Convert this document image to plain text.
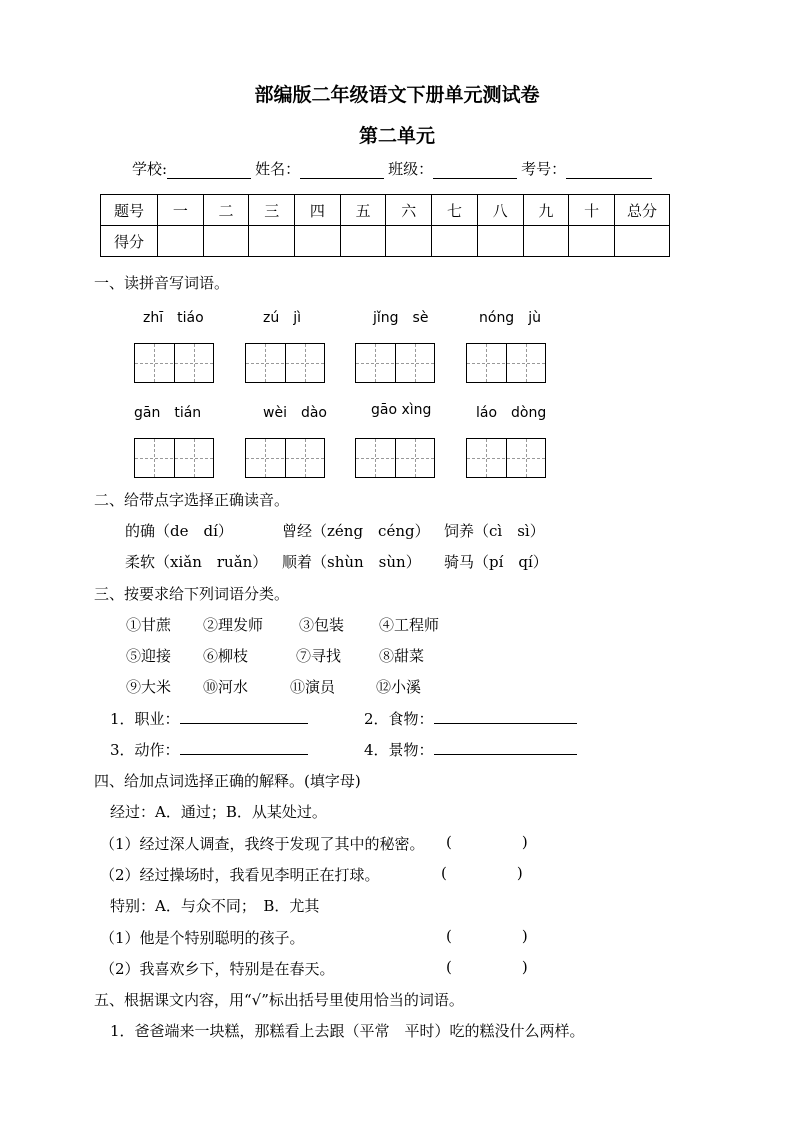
部编版二年级语文下册单元测试卷
第二单元
学校:	姓名：	班级：	考号：
题号	一	二	三	四	五	六	七	八	九	十	总分
得分											
一、读拼音写词语。
zhī　tiáo	zú　jì	jǐng　sè	nóng　jù
gān　tián	wèi　dào	gāo xìng	láo　dòng
二、给带点字选择正确读音。
的确（de　dí）	曾经（zéng　céng） 饲养（cì　sì）
柔软（xiǎn　ruǎn） 顺着（shùn　sùn） 骑马（pí　qí）
三、按要求给下列词语分类。
①甘蔗 ②理发师 ③包装 ④工程师
⑤迎接 ⑥柳枝	⑦寻找	⑧甜菜
⑨大米 ⑩河水	⑪演员	⑫小溪
1．职业：	2．食物：
3．动作：	4．景物：
四、给加点词选择正确的解释。(填字母)
经过：A．通过；B．从某处过。
（1）经过深人调查，我终于发现了其中的秘密。 (	)
（2）经过操场时，我看见李明正在打球。	(	)
特别：A．与众不同；　B．尤其
（1）他是个特别聪明的孩子。	(	)
（2）我喜欢乡下，特别是在春天。	(	)
五、根据课文内容，用“√”标出括号里使用恰当的词语。
1．爸爸端来一块糕，那糕看上去跟（平常　平时）吃的糕没什么两样。
